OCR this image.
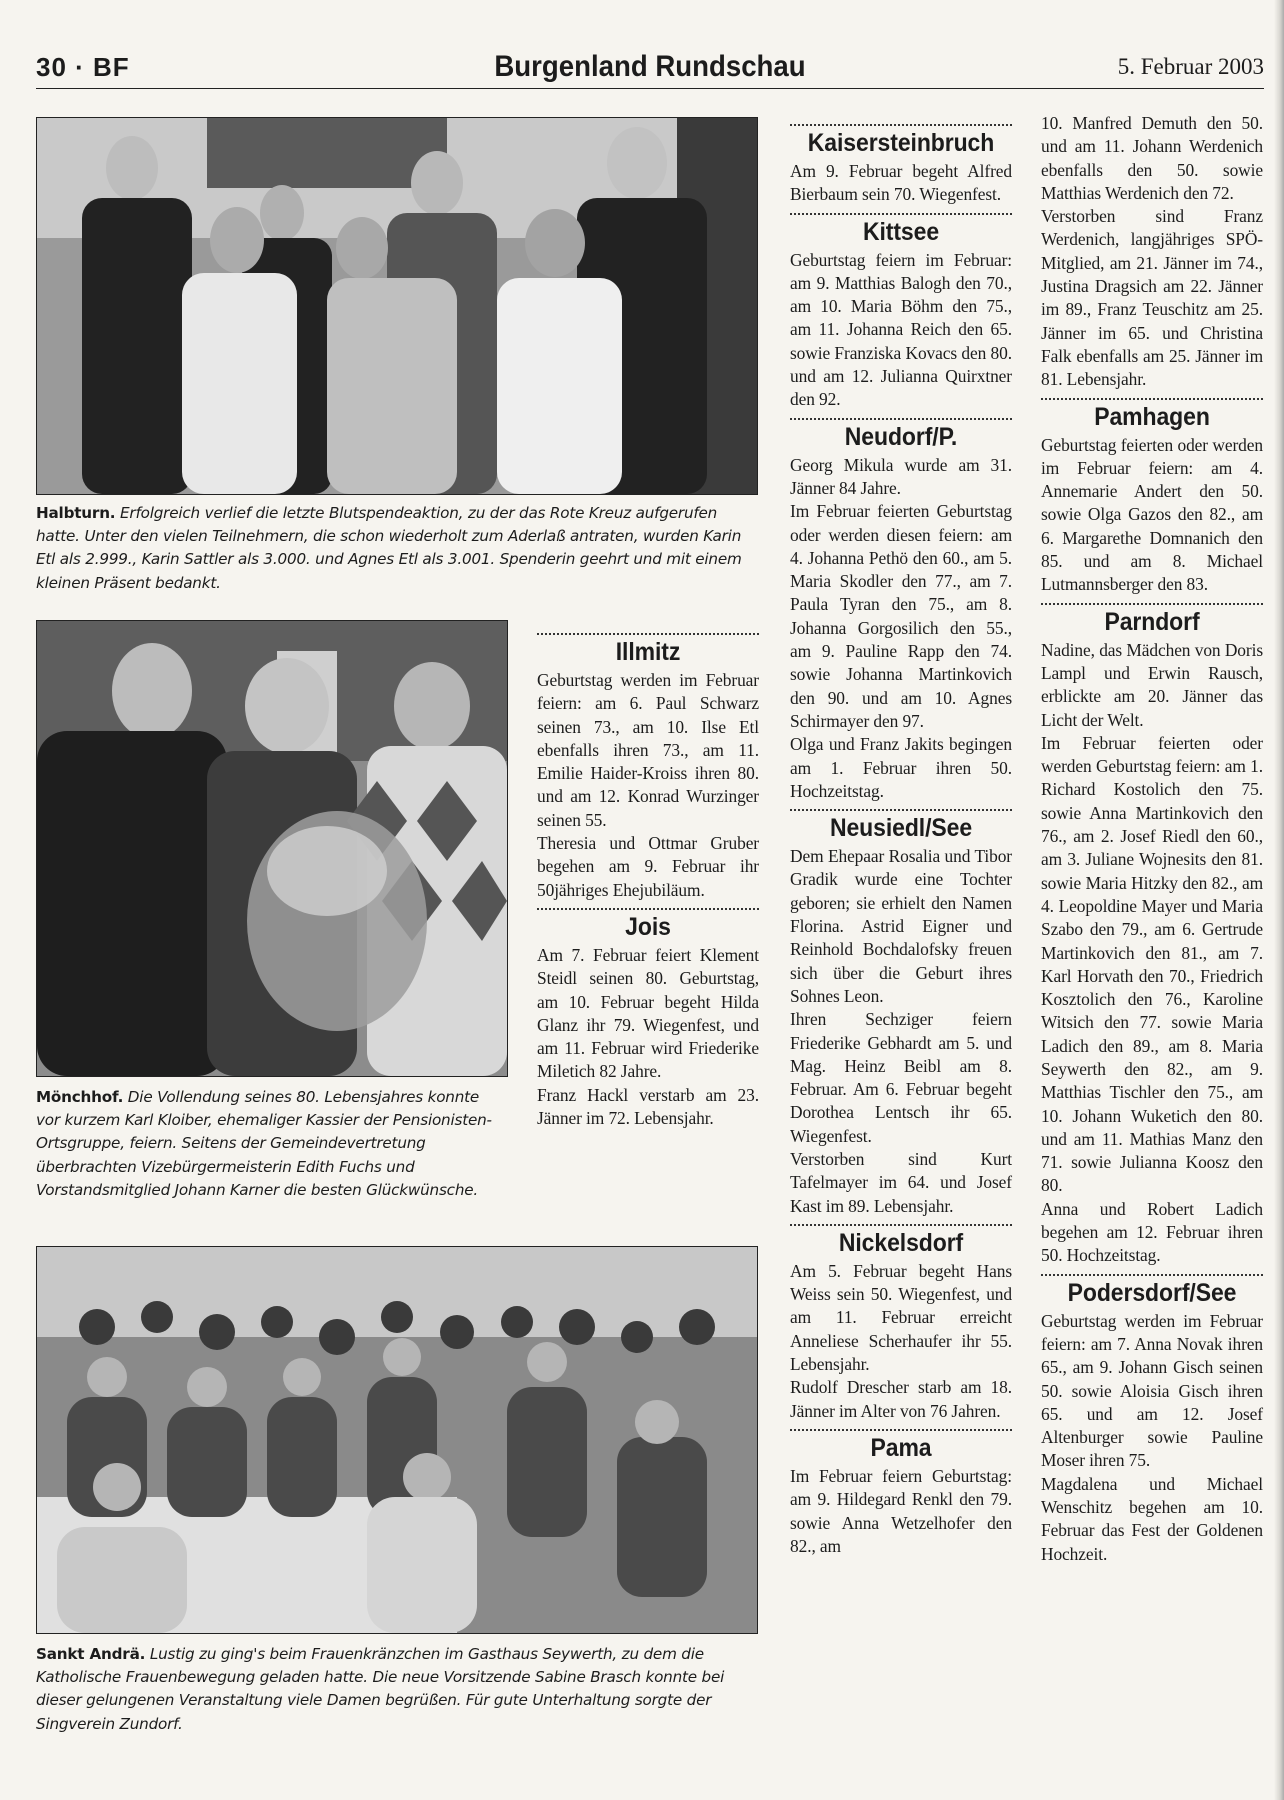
30 · BF	Burgenland Rundschau	5. Februar 2003
Halbturn. Erfolgreich verlief die letzte Blutspendeaktion, zu der das Rote Kreuz aufgerufen hatte. Unter den vielen Teilnehmern, die schon wiederholt zum Aderlaß antraten, wurden Karin Etl als 2.999., Karin Sattler als 3.000. und Agnes Etl als 3.001. Spenderin geehrt und mit einem kleinen Präsent bedankt.
Mönchhof. Die Vollendung seines 80. Lebensjahres konnte vor kurzem Karl Kloiber, ehemaliger Kassier der Pensionisten-Ortsgruppe, feiern. Seitens der Gemeindevertretung überbrachten Vizebürgermeisterin Edith Fuchs und Vorstandsmitglied Johann Karner die besten Glückwünsche.
Sankt Andrä. Lustig zu ging's beim Frauenkränzchen im Gasthaus Seywerth, zu dem die Katholische Frauenbewegung geladen hatte. Die neue Vorsitzende Sabine Brasch konnte bei dieser gelungenen Veranstaltung viele Damen begrüßen. Für gute Unterhaltung sorgte der Singverein Zundorf.
Illmitz

Geburtstag werden im Februar feiern: am 6. Paul Schwarz seinen 73., am 10. Ilse Etl ebenfalls ihren 73., am 11. Emilie Haider-Kroiss ihren 80. und am 12. Konrad Wurzinger seinen 55.

Theresia und Ottmar Gruber begehen am 9. Februar ihr 50jähriges Ehejubiläum.

Jois

Am 7. Februar feiert Klement Steidl seinen 80. Geburtstag, am 10. Februar begeht Hilda Glanz ihr 79. Wiegenfest, und am 11. Februar wird Friederike Miletich 82 Jahre.

Franz Hackl verstarb am 23. Jänner im 72. Lebensjahr.

Kaisersteinbruch

Am 9. Februar begeht Alfred Bierbaum sein 70. Wiegenfest.

Kittsee

Geburtstag feiern im Februar: am 9. Matthias Balogh den 70., am 10. Maria Böhm den 75., am 11. Johanna Reich den 65. sowie Franziska Kovacs den 80. und am 12. Julianna Quirxtner den 92.

Neudorf/P.

Georg Mikula wurde am 31. Jänner 84 Jahre.

Im Februar feierten Geburtstag oder werden diesen feiern: am 4. Johanna Pethö den 60., am 5. Maria Skodler den 77., am 7. Paula Tyran den 75., am 8. Johanna Gorgosilich den 55., am 9. Pauline Rapp den 74. sowie Johanna Martinkovich den 90. und am 10. Agnes Schirmayer den 97.

Olga und Franz Jakits begingen am 1. Februar ihren 50. Hochzeitstag.

Neusiedl/See

Dem Ehepaar Rosalia und Tibor Gradik wurde eine Tochter geboren; sie erhielt den Namen Florina. Astrid Eigner und Reinhold Bochdalofsky freuen sich über die Geburt ihres Sohnes Leon.

Ihren Sechziger feiern Friederike Gebhardt am 5. und Mag. Heinz Beibl am 8. Februar. Am 6. Februar begeht Dorothea Lentsch ihr 65. Wiegenfest.

Verstorben sind Kurt Tafelmayer im 64. und Josef Kast im 89. Lebensjahr.

Nickelsdorf

Am 5. Februar begeht Hans Weiss sein 50. Wiegenfest, und am 11. Februar erreicht Anneliese Scherhaufer ihr 55. Lebensjahr.

Rudolf Drescher starb am 18. Jänner im Alter von 76 Jahren.

Pama

Im Februar feiern Geburtstag: am 9. Hildegard Renkl den 79. sowie Anna Wetzelhofer den 82., am

10. Manfred Demuth den 50. und am 11. Johann Werdenich ebenfalls den 50. sowie Matthias Werdenich den 72.

Verstorben sind Franz Werdenich, langjähriges SPÖ-Mitglied, am 21. Jänner im 74., Justina Dragsich am 22. Jänner im 89., Franz Teuschitz am 25. Jänner im 65. und Christina Falk ebenfalls am 25. Jänner im 81. Lebensjahr.

Pamhagen

Geburtstag feierten oder werden im Februar feiern: am 4. Annemarie Andert den 50. sowie Olga Gazos den 82., am 6. Margarethe Domnanich den 85. und am 8. Michael Lutmannsberger den 83.

Parndorf

Nadine, das Mädchen von Doris Lampl und Erwin Rausch, erblickte am 20. Jänner das Licht der Welt.

Im Februar feierten oder werden Geburtstag feiern: am 1. Richard Kostolich den 75. sowie Anna Martinkovich den 76., am 2. Josef Riedl den 60., am 3. Juliane Wojnesits den 81. sowie Maria Hitzky den 82., am 4. Leopoldine Mayer und Maria Szabo den 79., am 6. Gertrude Martinkovich den 81., am 7. Karl Horvath den 70., Friedrich Kosztolich den 76., Karoline Witsich den 77. sowie Maria Ladich den 89., am 8. Maria Seywerth den 82., am 9. Matthias Tischler den 75., am 10. Johann Wuketich den 80. und am 11. Mathias Manz den 71. sowie Julianna Koosz den 80.

Anna und Robert Ladich begehen am 12. Februar ihren 50. Hochzeitstag.

Podersdorf/See

Geburtstag werden im Februar feiern: am 7. Anna Novak ihren 65., am 9. Johann Gisch seinen 50. sowie Aloisia Gisch ihren 65. und am 12. Josef Altenburger sowie Pauline Moser ihren 75.

Magdalena und Michael Wenschitz begehen am 10. Februar das Fest der Goldenen Hochzeit.
